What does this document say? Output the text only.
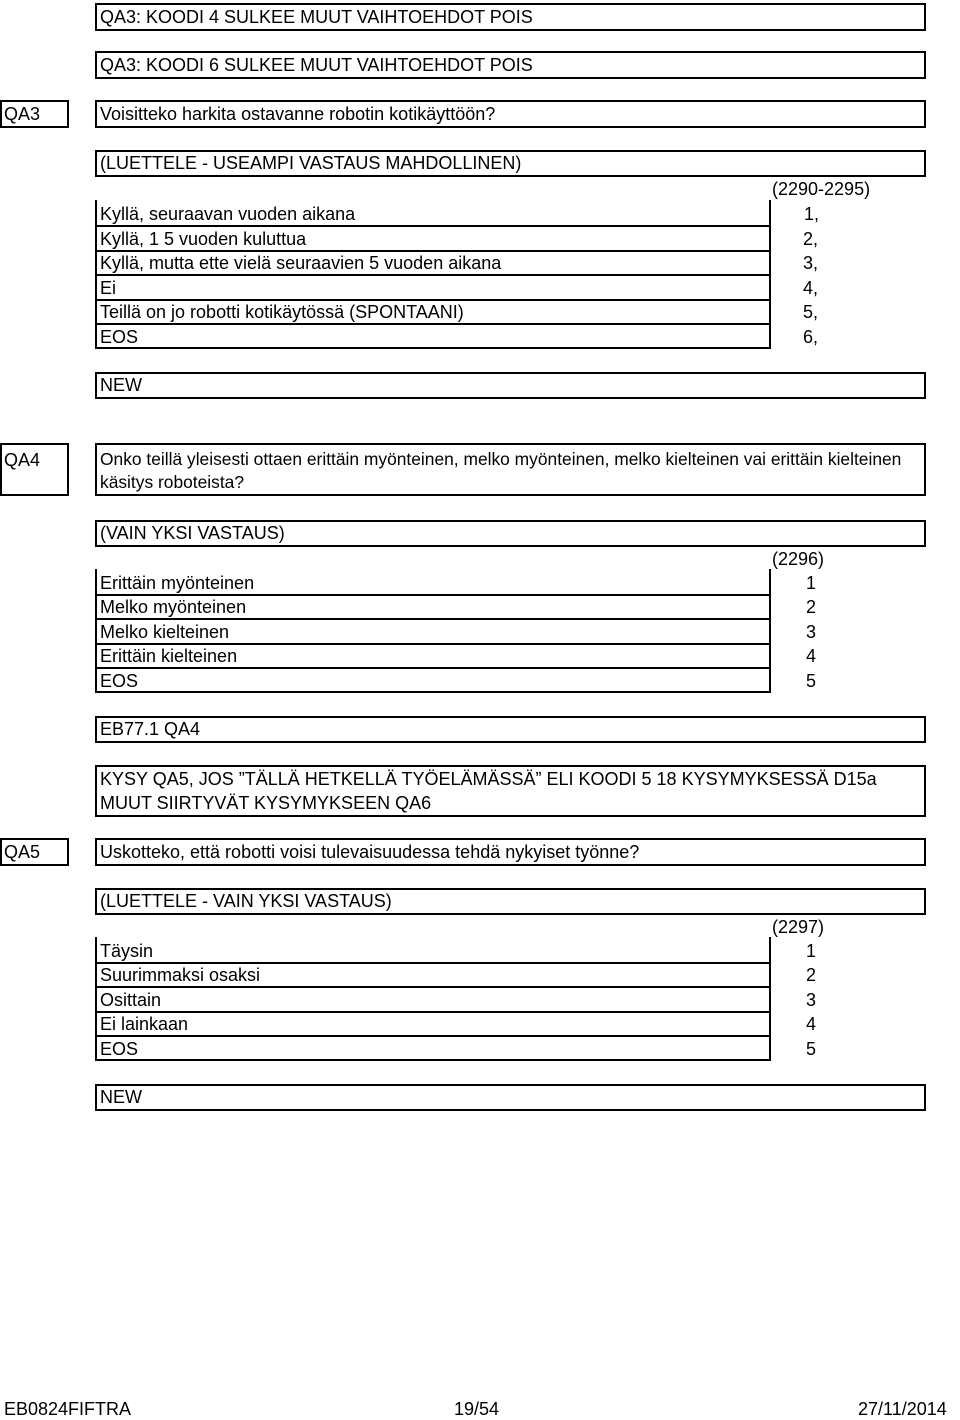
QA3: KOODI 4 SULKEE MUUT VAIHTOEHDOT POIS
QA3: KOODI 6 SULKEE MUUT VAIHTOEHDOT POIS
QA3	Voisitteko harkita ostavanne robotin kotikäyttöön?
(LUETTELE - USEAMPI VASTAUS MAHDOLLINEN)
(2290-2295)
Kyllä, seuraavan vuoden aikana	1,
Kyllä, 1 5 vuoden kuluttua	2,
Kyllä, mutta ette vielä seuraavien 5 vuoden aikana	3,
Ei	4,
Teillä on jo robotti kotikäytössä (SPONTAANI)	5,
EOS	6,
NEW
QA4	Onko teillä yleisesti ottaen erittäin myönteinen, melko myönteinen, melko kielteinen vai erittäin kielteinen käsitys roboteista?
(VAIN YKSI VASTAUS)
(2296)
Erittäin myönteinen	1
Melko myönteinen	2
Melko kielteinen	3
Erittäin kielteinen	4
EOS	5
EB77.1 QA4
KYSY QA5, JOS ”TÄLLÄ HETKELLÄ TYÖELÄMÄSSÄ” ELI KOODI 5 18 KYSYMYKSESSÄ D15a MUUT SIIRTYVÄT KYSYMYKSEEN QA6
QA5	Uskotteko, että robotti voisi tulevaisuudessa tehdä nykyiset työnne?
(LUETTELE - VAIN YKSI VASTAUS)
(2297)
Täysin	1
Suurimmaksi osaksi	2
Osittain	3
Ei lainkaan	4
EOS	5
NEW
EB0824FIFTRA	19/54	27/11/2014
